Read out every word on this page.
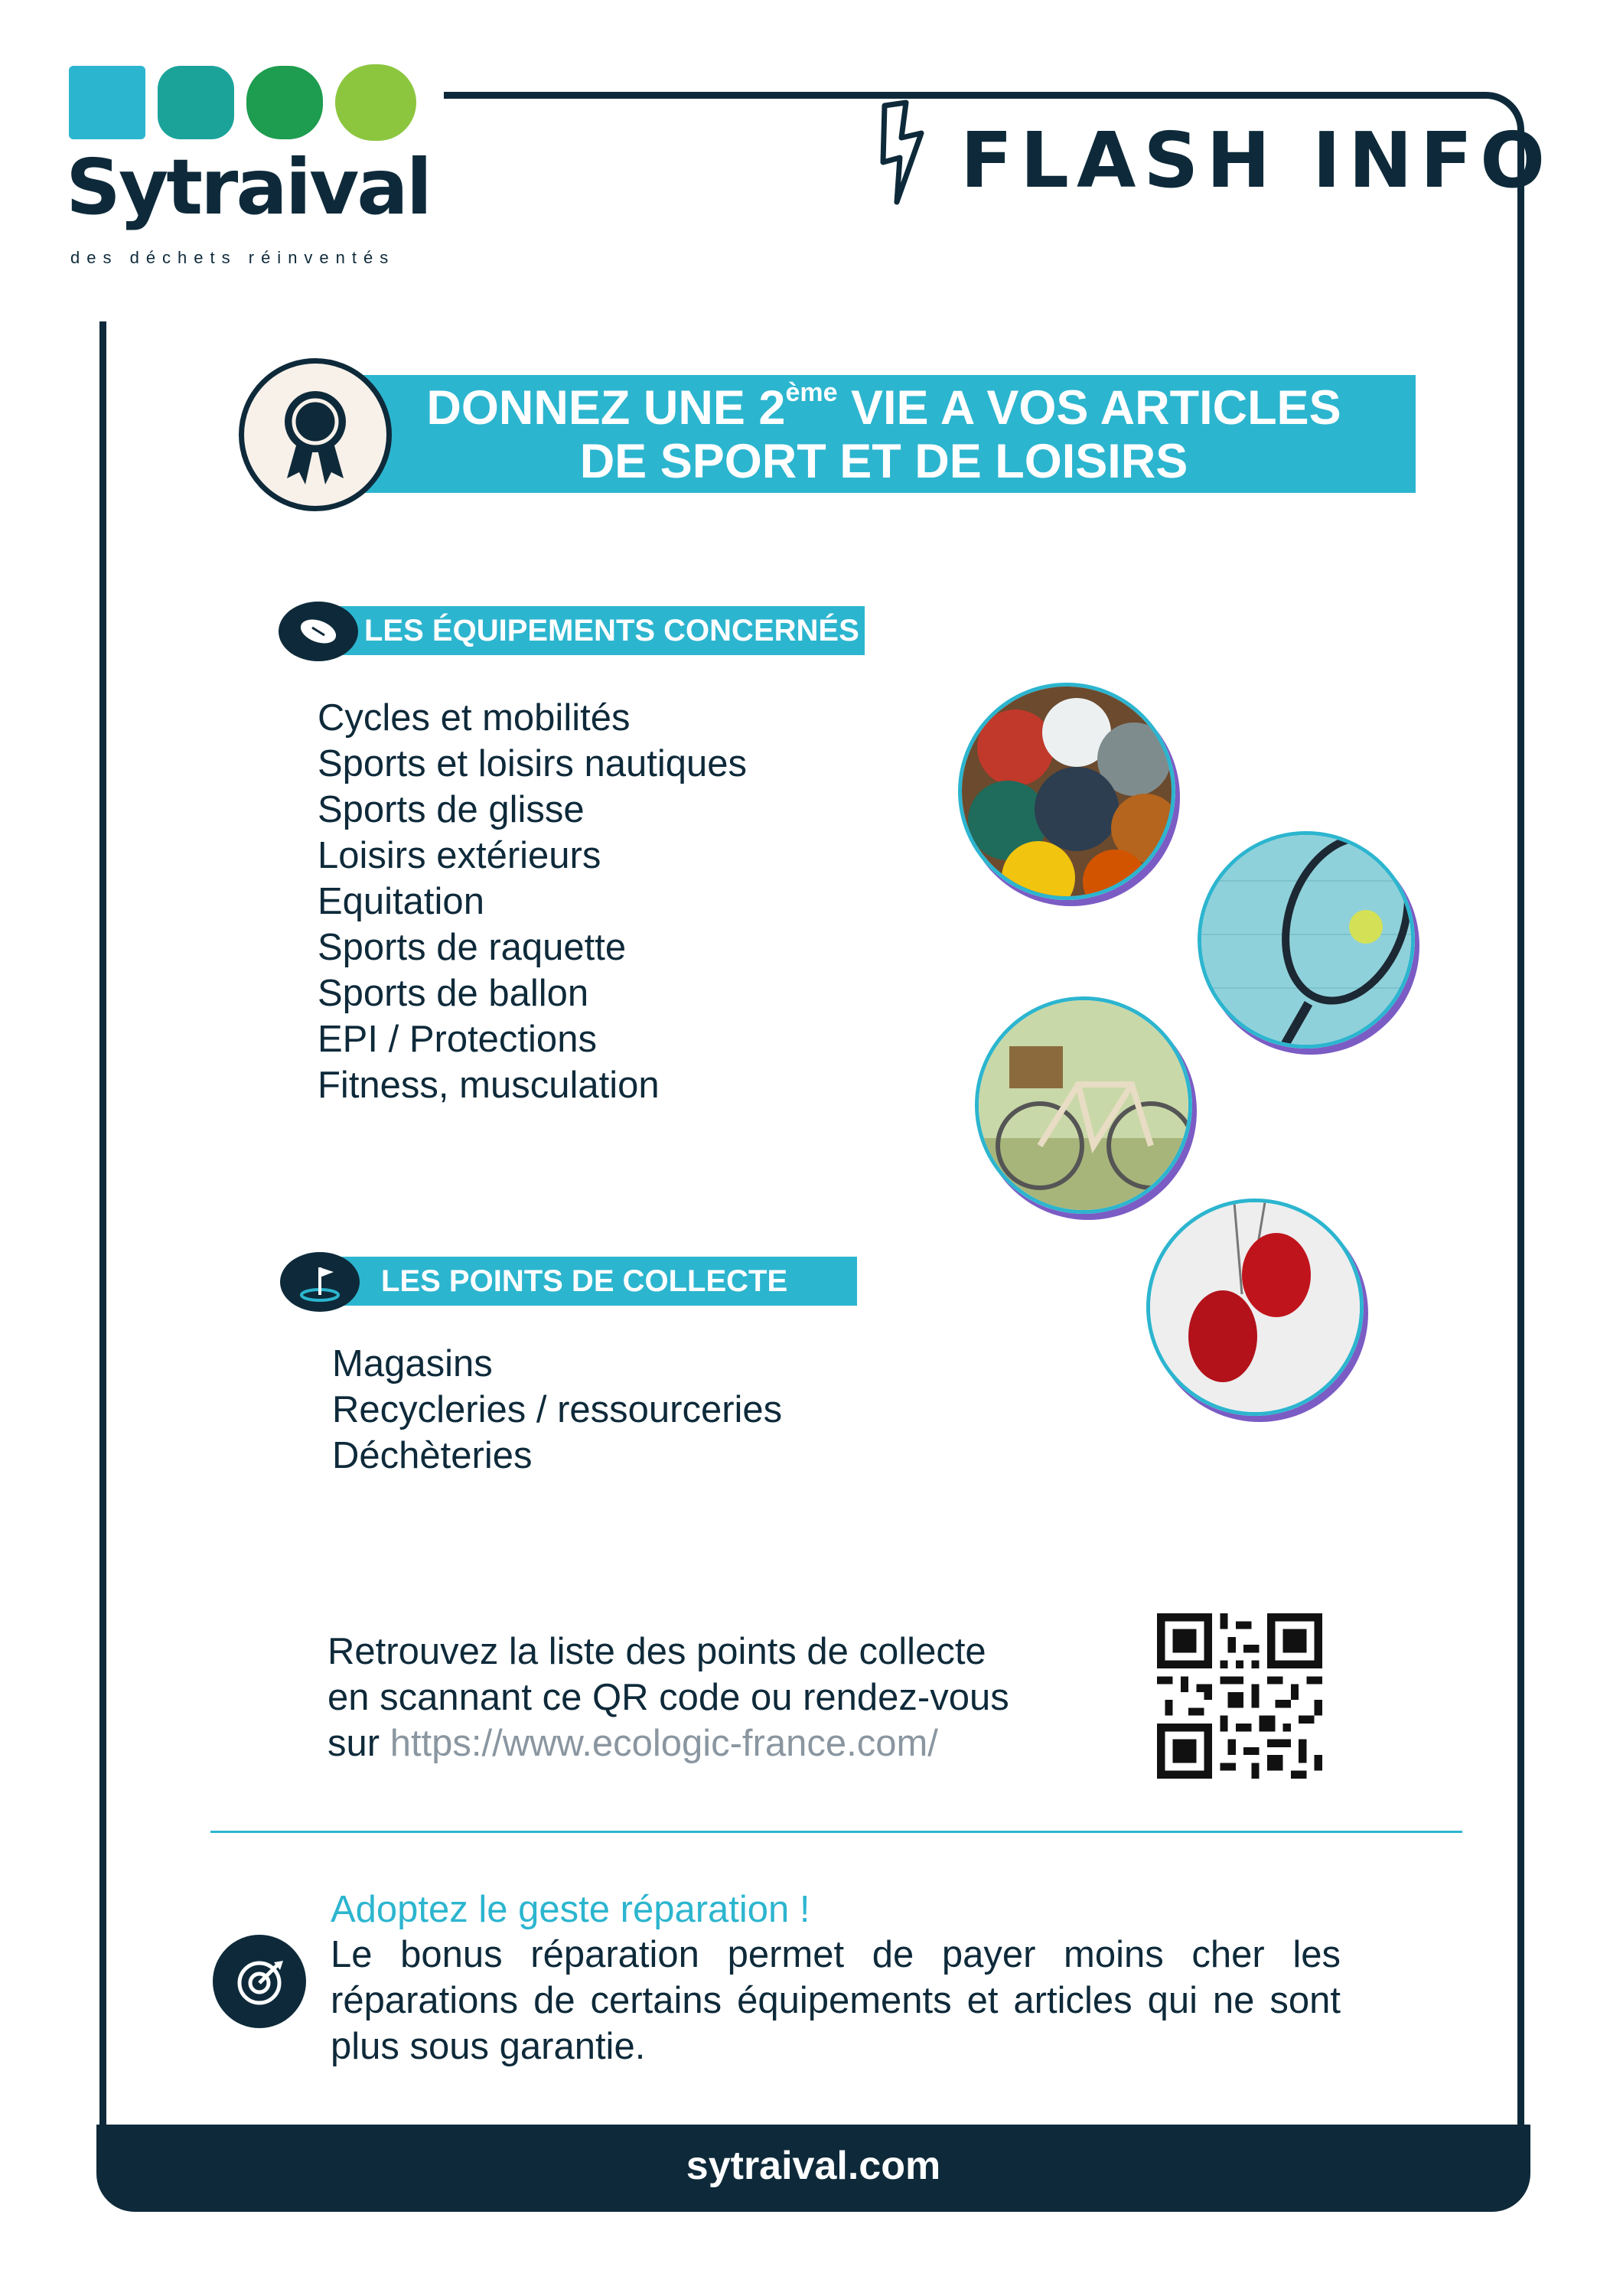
Sytraival
des déchets réinventés
FLASH INFO
DONNEZ UNE 2ème VIE A VOS ARTICLES
DE SPORT ET DE LOISIRS
LES ÉQUIPEMENTS CONCERNÉS
Cycles et mobilités
Sports et loisirs nautiques
Sports de glisse
Loisirs extérieurs
Equitation
Sports de raquette
Sports de ballon
EPI / Protections
Fitness, musculation
LES POINTS DE COLLECTE
Magasins
Recycleries / ressourceries
Déchèteries
Retrouvez la liste des points de collecte
en scannant ce QR code ou rendez-vous
sur https://www.ecologic-france.com/
Adoptez le geste réparation !
Le bonus réparation permet de payer moins cher les réparations de certains équipements et articles qui ne sont plus sous garantie.
sytraival.com
